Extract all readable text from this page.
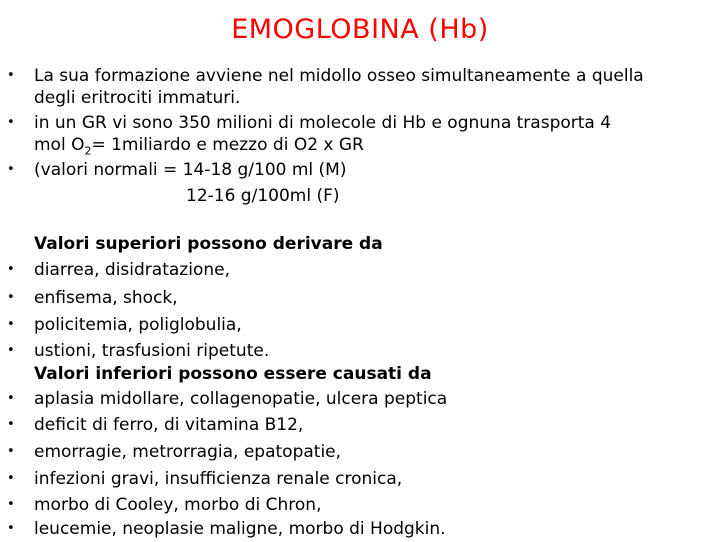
EMOGLOBINA (Hb)
• La sua formazione avviene nel midollo osseo simultaneamente a quella
degli eritrociti immaturi.
• in un GR vi sono 350 milioni di molecole di Hb e ognuna trasporta 4
mol $O_2=$ 1miliardo e mezzo di O2 x GR
• (valori normali = 14-18 g/100 ml (M)
12-16 g/100ml (F)
Valori superiori possono derivare da
• diarrea, disidratazione,
• enfisema, shock,
• policitemia, poliglobulia,
• ustioni, trasfusioni ripetute.
Valori inferiori possono essere causati da
• aplasia midollare, collagenopatie, ulcera peptica
• deficit di ferro, di vitamina B12,
• emorragie, metrorragia, epatopatie,
• infezioni gravi, insufficienza renale cronica,
• morbo di Cooley, morbo di Chron,
• leucemie, neoplasie maligne, morbo di Hodgkin.
